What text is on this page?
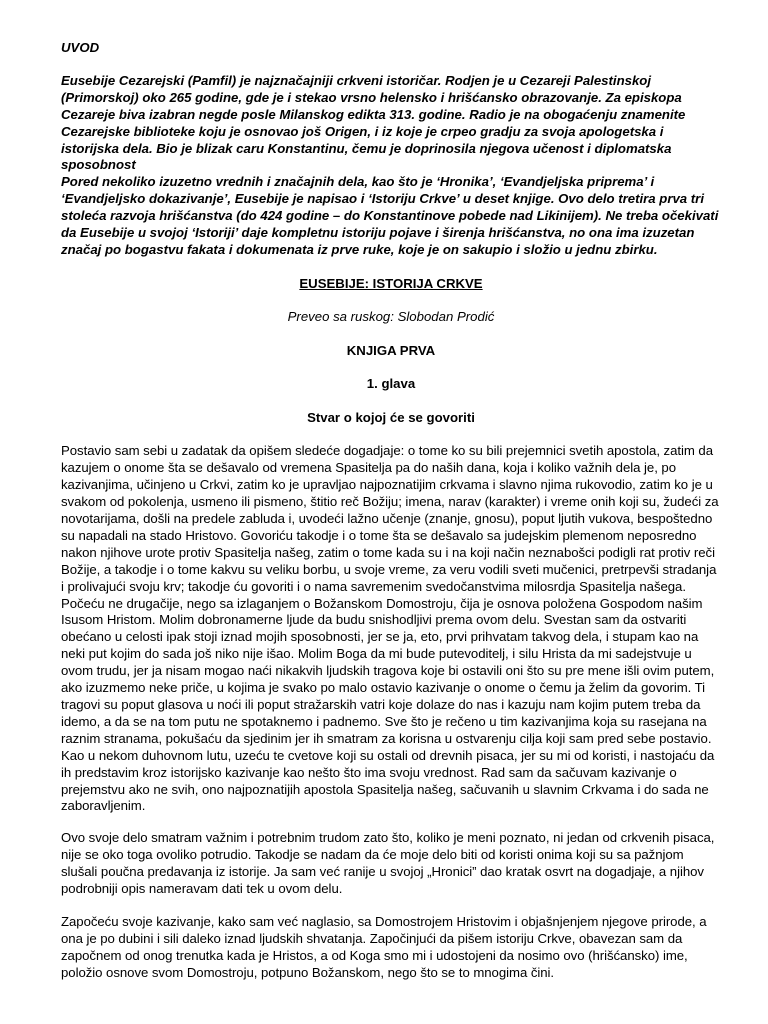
UVOD

Eusebije Cezarejski (Pamfil) je najznačajniji crkveni istoričar. Rodjen je u Cezareji Palestinskoj (Primorskoj) oko 265 godine, gde je i stekao vrsno helensko i hrišćansko obrazovanje. Za episkopa Cezareje biva izabran negde posle Milanskog edikta 313. godine. Radio je na obogaćenju znamenite Cezarejske biblioteke koju je osnovao još Origen, i iz koje je crpeo gradju za svoja apologetska i istorijska dela. Bio je blizak caru Konstantinu, čemu je doprinosila njegova učenost i diplomatska sposobnost

Pored nekoliko izuzetno vrednih i značajnih dela, kao što je ‘Hronika’, ‘Evandjeljska priprema’ i ‘Evandjeljsko dokazivanje’, Eusebije je napisao i ‘Istoriju Crkve’ u deset knjige. Ovo delo tretira prva tri stoleća razvoja hrišćanstva (do 424 godine – do Konstantinove pobede nad Likinijem). Ne treba očekivati da Eusebije u svojoj ‘Istoriji’ daje kompletnu istoriju pojave i širenja hrišćanstva, no ona ima izuzetan značaj po bogastvu fakata i dokumenata iz prve ruke, koje je on sakupio i složio u jednu zbirku.

EUSEBIJE: ISTORIJA CRKVE

Preveo sa ruskog: Slobodan Prodić

KNJIGA PRVA

1. glava

Stvar o kojoj će se govoriti

Postavio sam sebi u zadatak da opišem sledeće dogadjaje: o tome ko su bili prejemnici svetih apostola, zatim da kazujem o onome šta se dešavalo od vremena Spasitelja pa do naših dana, koja i koliko važnih dela je, po kazivanjima, učinjeno u Crkvi, zatim ko je upravljao najpoznatijim crkvama i slavno njima rukovodio, zatim ko je u svakom od pokolenja, usmeno ili pismeno, štitio reč Božiju; imena, narav (karakter) i vreme onih koji su, žudeći za novotarijama, došli na predele zabluda i, uvodeći lažno učenje (znanje, gnosu), poput ljutih vukova, bespoštedno su napadali na stado Hristovo. Govoriću takodje i o tome šta se dešavalo sa judejskim plemenom neposredno nakon njihove urote protiv Spasitelja našeg, zatim o tome kada su i na koji način neznabošci podigli rat protiv reči Božije, a takodje i o tome kakvu su veliku borbu, u svoje vreme, za veru vodili sveti mučenici, pretrpevši stradanja i prolivajući svoju krv; takodje ću govoriti i o nama savremenim svedočanstvima milosrdja Spasitelja našega. Počeću ne drugačije, nego sa izlaganjem o Božanskom Domostroju, čija je osnova položena Gospodom našim Isusom Hristom. Molim dobronamerne ljude da budu snishodljivi prema ovom delu. Svestan sam da ostvariti obećano u celosti ipak stoji iznad mojih sposobnosti, jer se ja, eto, prvi prihvatam takvog dela, i stupam kao na neki put kojim do sada još niko nije išao. Molim Boga da mi bude putevoditelj, i silu Hrista da mi sadejstvuje u ovom trudu, jer ja nisam mogao naći nikakvih ljudskih tragova koje bi ostavili oni što su pre mene išli ovim putem, ako izuzmemo neke priče, u kojima je svako po malo ostavio kazivanje o onome o čemu ja želim da govorim. Ti tragovi su poput glasova u noći ili poput stražarskih vatri koje dolaze do nas i kazuju nam kojim putem treba da idemo, a da se na tom putu ne spotaknemo i padnemo. Sve što je rečeno u tim kazivanjima koja su rasejana na raznim stranama, pokušaću da sjedinim jer ih smatram za korisna u ostvarenju cilja koji sam pred sebe postavio. Kao u nekom duhovnom lutu, uzeću te cvetove koji su ostali od drevnih pisaca, jer su mi od koristi, i nastojaću da ih predstavim kroz istorijsko kazivanje kao nešto što ima svoju vrednost. Rad sam da sačuvam kazivanje o prejemstvu ako ne svih, ono najpoznatijih apostola Spasitelja našeg, sačuvanih u slavnim Crkvama i do sada ne zaboravljenim.

Ovo svoje delo smatram važnim i potrebnim trudom zato što, koliko je meni poznato, ni jedan od crkvenih pisaca, nije se oko toga ovoliko potrudio. Takodje se nadam da će moje delo biti od koristi onima koji su sa pažnjom slušali poučna predavanja iz istorije. Ja sam već ranije u svojoj „Hronici” dao kratak osvrt na dogadjaje, a njihov podrobniji opis nameravam dati tek u ovom delu.

Započeću svoje kazivanje, kako sam već naglasio, sa Domostrojem Hristovim i objašnjenjem njegove prirode, a ona je po dubini i sili daleko iznad ljudskih shvatanja. Započinjući da pišem istoriju Crkve, obavezan sam da započnem od onog trenutka kada je Hristos, a od Koga smo mi i udostojeni da nosimo ovo (hrišćansko) ime, položio osnove svom Domostroju, potpuno Božanskom, nego što se to mnogima čini.
